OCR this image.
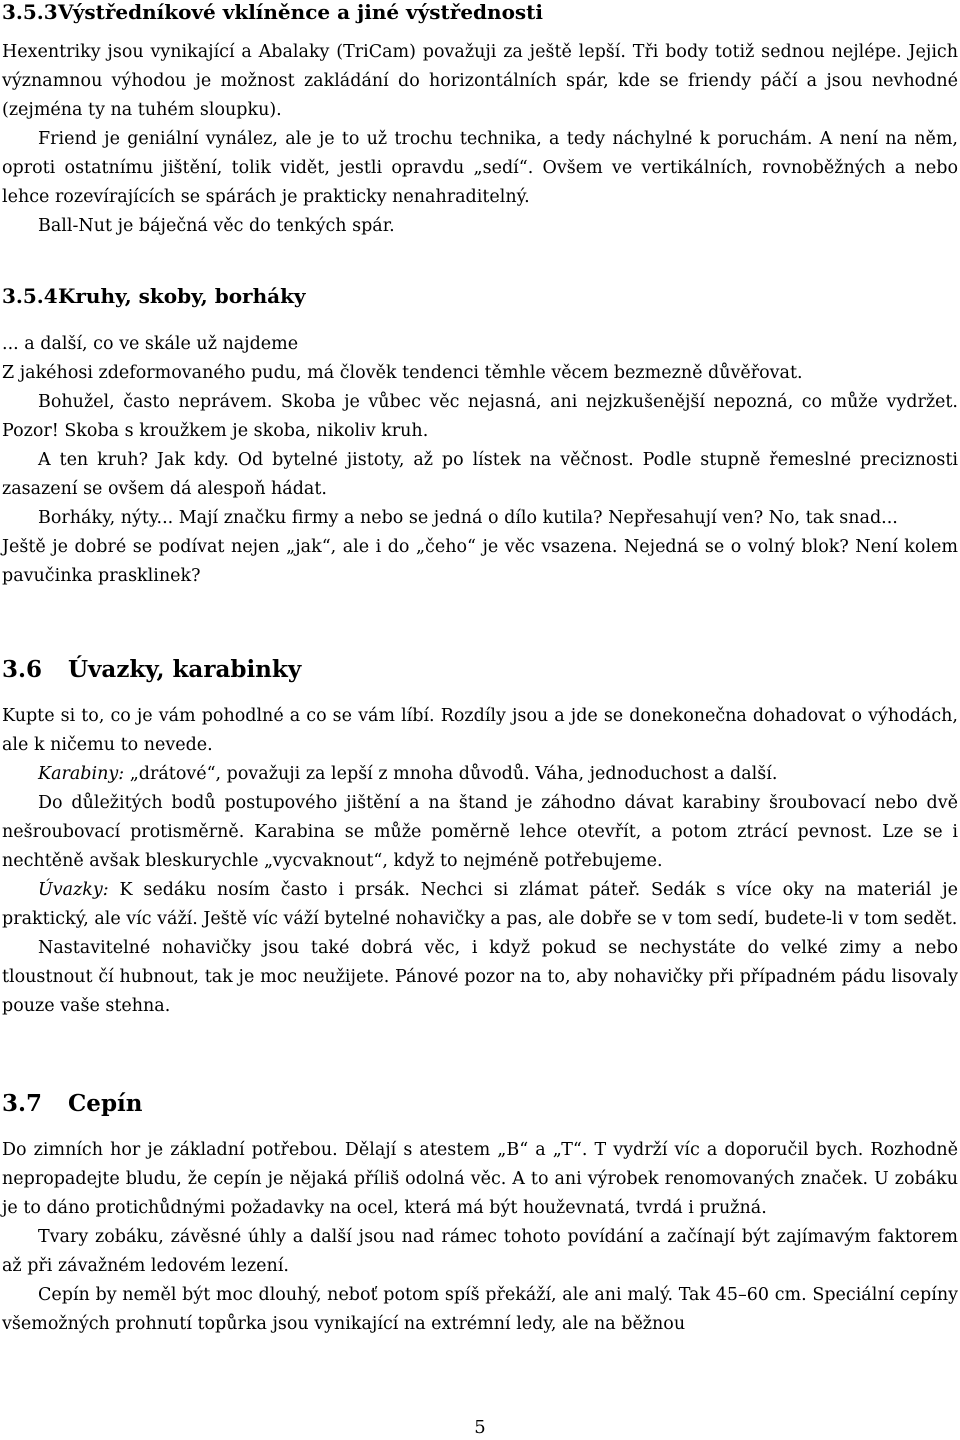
3.5.3Výstředníkové vklíněnce a jiné výstřednosti

Hexentriky jsou vynikající a Abalaky (TriCam) považuji za ještě lepší. Tři body totiž sednou nejlépe. Jejich významnou výhodou je možnost zakládání do horizontálních spár, kde se friendy páčí a jsou nevhodné (zejména ty na tuhém sloupku).

Friend je geniální vynález, ale je to už trochu technika, a tedy náchylné k poruchám. A není na něm, oproti ostatnímu jištění, tolik vidět, jestli opravdu „sedí“. Ovšem ve vertikálních, rovnoběžných a nebo lehce rozevírajících se spárách je prakticky nenahraditelný.

Ball-Nut je báječná věc do tenkých spár.

3.5.4Kruhy, skoby, borháky

... a další, co ve skále už najdeme

Z jakéhosi zdeformovaného pudu, má člověk tendenci těmhle věcem bezmezně důvěřovat.

Bohužel, často neprávem. Skoba je vůbec věc nejasná, ani nejzkušenější nepozná, co může vydržet. Pozor! Skoba s kroužkem je skoba, nikoliv kruh.

A ten kruh? Jak kdy. Od bytelné jistoty, až po lístek na věčnost. Podle stupně řemeslné preciznosti zasazení se ovšem dá alespoň hádat.

Borháky, nýty... Mají značku firmy a nebo se jedná o dílo kutila? Nepřesahují ven? No, tak snad...

Ještě je dobré se podívat nejen „jak“, ale i do „čeho“ je věc vsazena. Nejedná se o volný blok? Není kolem pavučinka prasklinek?

3.6 Úvazky, karabinky

Kupte si to, co je vám pohodlné a co se vám líbí. Rozdíly jsou a jde se donekonečna dohadovat o výhodách, ale k ničemu to nevede.

Karabiny: „drátové“, považuji za lepší z mnoha důvodů. Váha, jednoduchost a další.

Do důležitých bodů postupového jištění a na štand je záhodno dávat karabiny šroubovací nebo dvě nešroubovací protisměrně. Karabina se může poměrně lehce otevřít, a potom ztrácí pevnost. Lze se i nechtěně avšak bleskurychle „vycvaknout“, když to nejméně potřebujeme.

Úvazky: K sedáku nosím často i prsák. Nechci si zlámat páteř. Sedák s více oky na materiál je praktický, ale víc váží. Ještě víc váží bytelné nohavičky a pas, ale dobře se v tom sedí, budete-li v tom sedět.

Nastavitelné nohavičky jsou také dobrá věc, i když pokud se nechystáte do velké zimy a nebo tloustnout čí hubnout, tak je moc neužijete. Pánové pozor na to, aby nohavičky při případném pádu lisovaly pouze vaše stehna.

3.7 Cepín

Do zimních hor je základní potřebou. Dělají s atestem „B“ a „T“. T vydrží víc a doporučil bych. Rozhodně nepropadejte bludu, že cepín je nějaká příliš odolná věc. A to ani výrobek renomovaných značek. U zobáku je to dáno protichůdnými požadavky na ocel, která má být houževnatá, tvrdá i pružná.

Tvary zobáku, závěsné úhly a další jsou nad rámec tohoto povídání a začínají být zajímavým faktorem až při závažném ledovém lezení.

Cepín by neměl být moc dlouhý, neboť potom spíš překáží, ale ani malý. Tak 45–60 cm. Speciální cepíny všemožných prohnutí topůrka jsou vynikající na extrémní ledy, ale na běžnou

5
